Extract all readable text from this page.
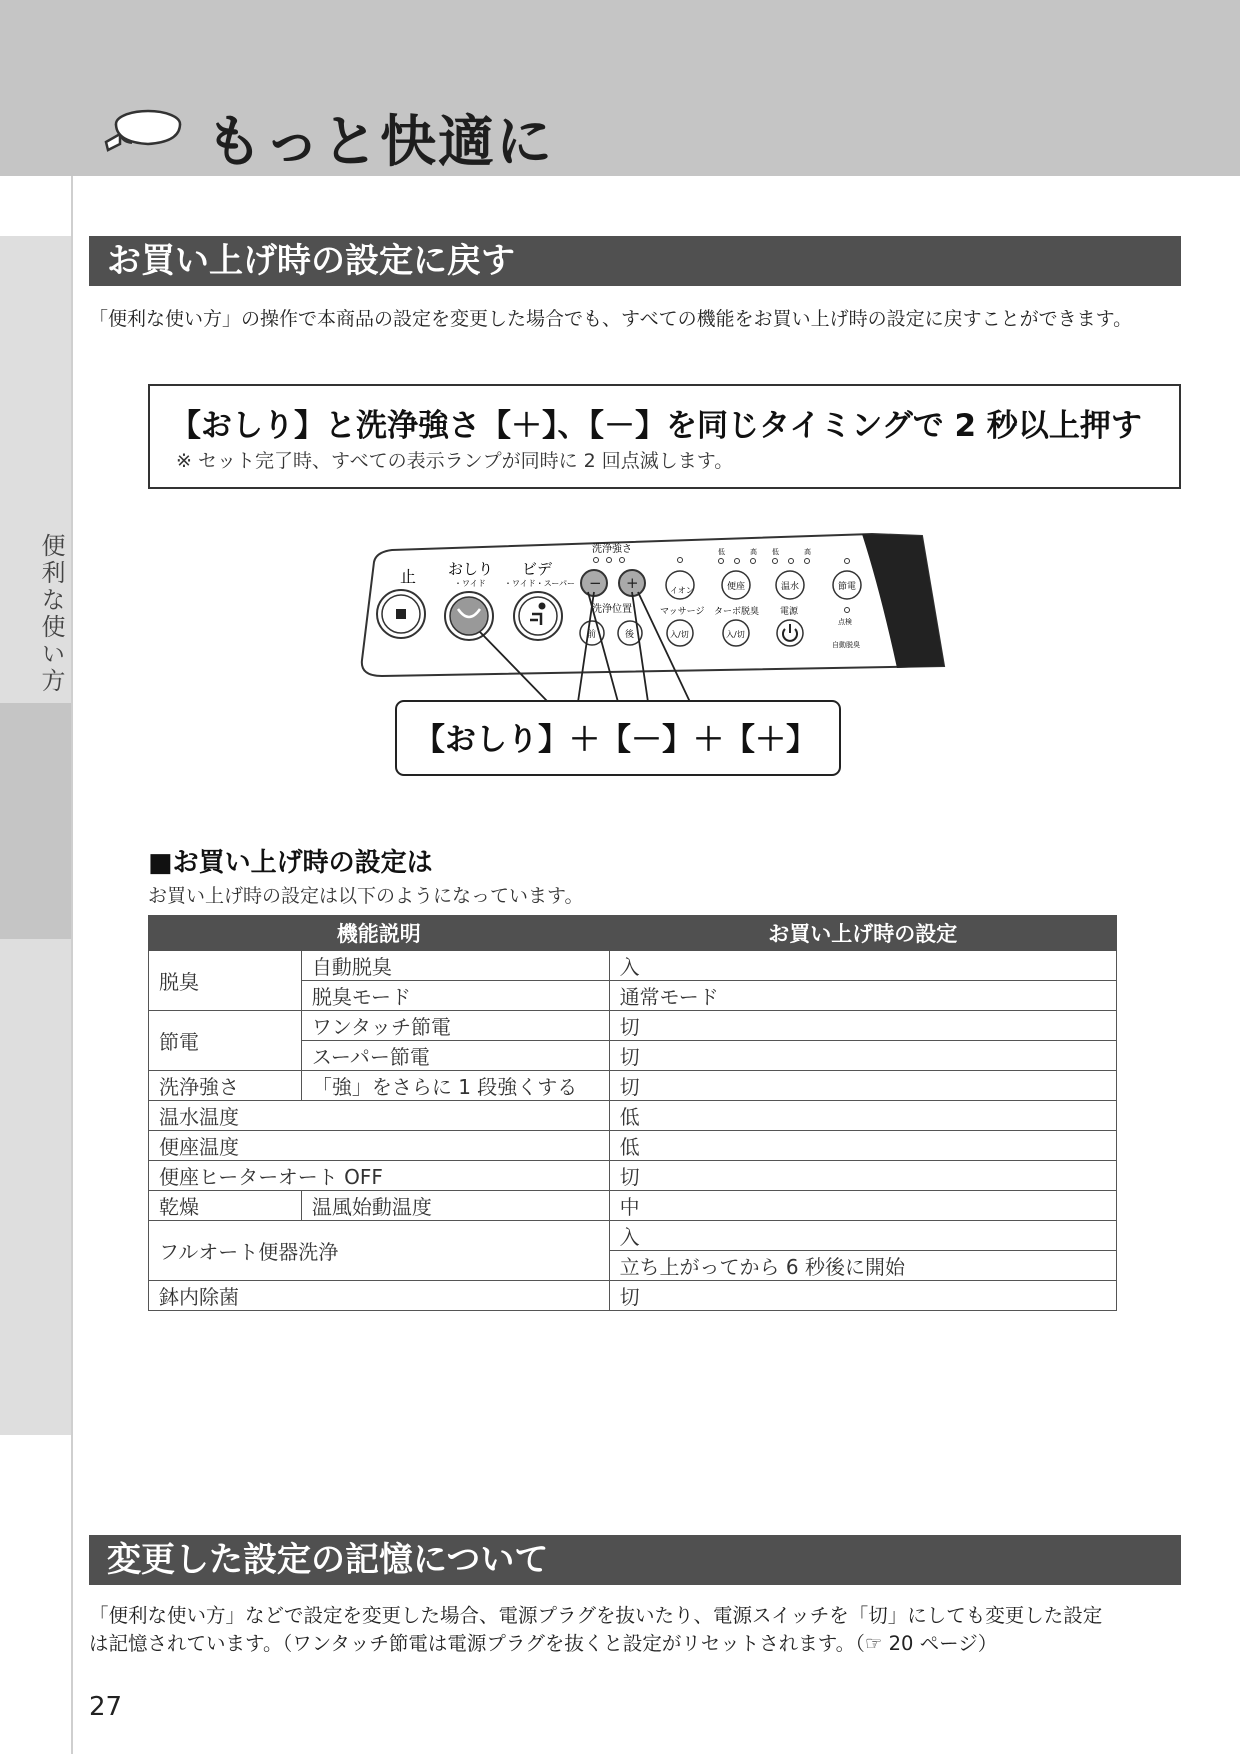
もっと快適に
便利な使い方
お買い上げ時の設定に戻す
「便利な使い方」の操作で本商品の設定を変更した場合でも、すべての機能をお買い上げ時の設定に戻すことができます。
【おしり】と洗浄強さ【＋】、【－】を同じタイミングで 2 秒以上押す
※ セット完了時、すべての表示ランプが同時に 2 回点滅します。
止 おしり
・ワイド
ビデ
・ワイド・スーパー
洗浄強さ
− +
洗浄位置
前	後
イオン
マッサージ
入/切
低	高
便座
ターボ脱臭
入/切
低	高
温水
電源
節電
点検
自動脱臭
【おしり】＋【－】＋【＋】
■お買い上げ時の設定は
お買い上げ時の設定は以下のようになっています。
機能説明		お買い上げ時の設定
脱臭	自動脱臭	入
	脱臭モード	通常モード
節電	ワンタッチ節電	切
	スーパー節電	切
洗浄強さ	「強」をさらに 1 段強くする	切
温水温度		低
便座温度		低
便座ヒーターオート OFF		切
乾燥	温風始動温度	中
フルオート便器洗浄		入
		立ち上がってから 6 秒後に開始
鉢内除菌		切
変更した設定の記憶について
「便利な使い方」などで設定を変更した場合、電源プラグを抜いたり、電源スイッチを「切」にしても変更した設定
は記憶されています。（ワンタッチ節電は電源プラグを抜くと設定がリセットされます。（☞ 20 ページ）
27
